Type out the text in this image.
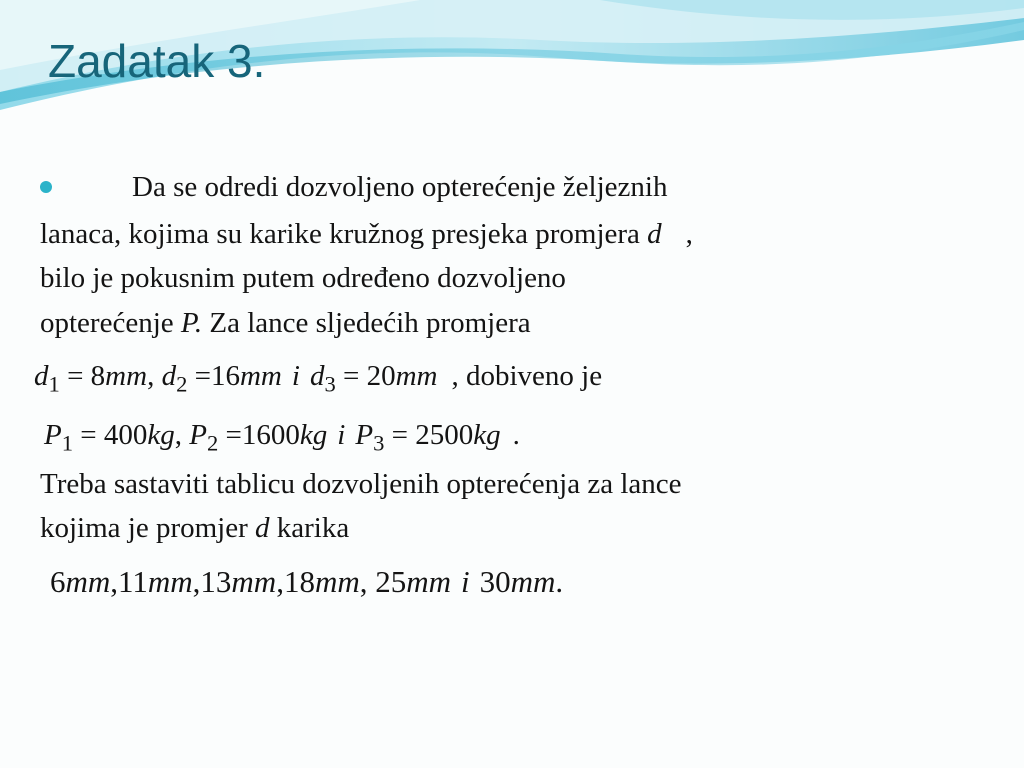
Zadatak 3.
Da se odredi dozvoljeno opterećenje željeznih
lanaca, kojima su karike kružnog presjeka promjera d ,
bilo je pokusnim putem određeno dozvoljeno
opterećenje P. Za lance sljedećih promjera
$d_1 = 8mm$, $d_2 =16mm$ i $d_3 = 20mm$ , dobiveno je
$P_1 = 400kg$, $P_2 =1600kg$ i $P_3 = 2500kg$ .
Treba sastaviti tablicu dozvoljenih opterećenja za lance
kojima je promjer d karika
6mm,11mm,13mm,18mm, 25mm i 30mm.
